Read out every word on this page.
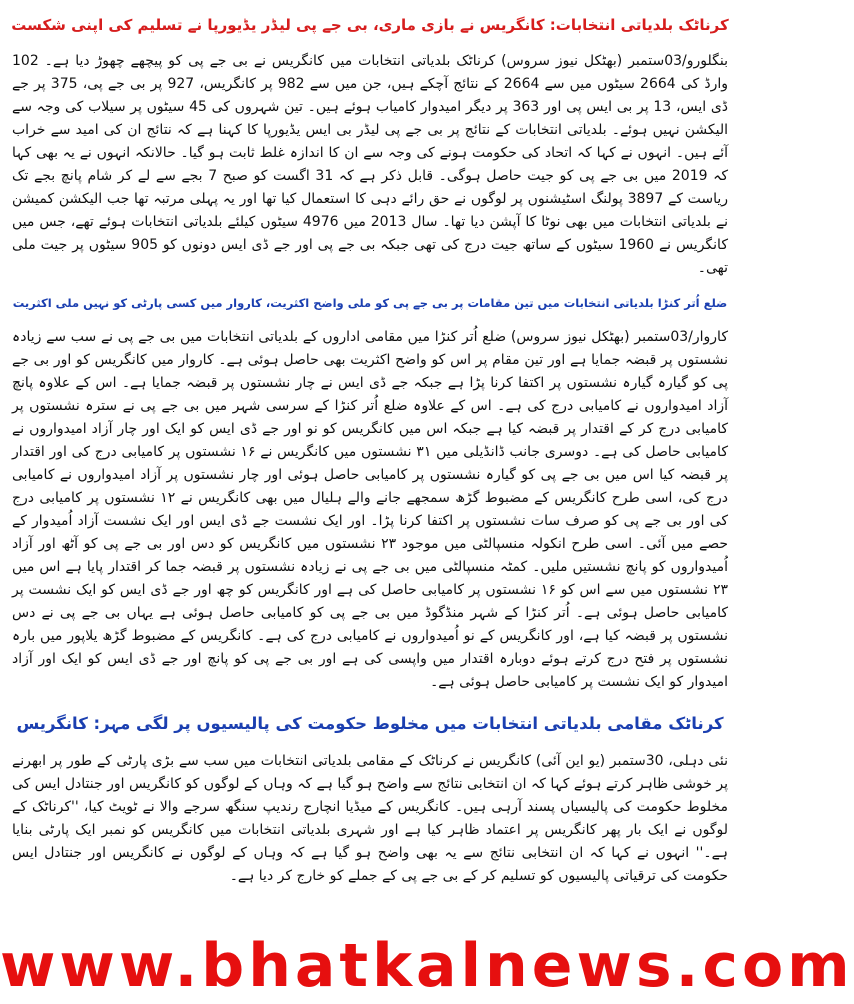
کرناٹک بلدیاتی انتخابات: کانگریس نے بازی ماری، بی جے پی لیڈر یڈیورپا نے تسلیم کی اپنی شکست

بنگلورو/03ستمبر (بھٹکل نیوز سروس) کرناٹک بلدیاتی انتخابات میں کانگریس نے بی جے پی کو پیچھے چھوڑ دیا ہے۔ 102 وارڈ کی 2664 سیٹوں میں سے 2664 کے نتائج آچکے ہیں، جن میں سے 982 پر کانگریس، 927 پر بی جے پی، 375 پر جے ڈی ایس، 13 پر بی ایس پی اور 363 پر دیگر امیدوار کامیاب ہوئے ہیں۔ تین شہروں کی 45 سیٹوں پر سیلاب کی وجہ سے الیکشن نہیں ہوئے۔ بلدیاتی انتخابات کے نتائج پر بی جے پی لیڈر بی ایس یڈیورپا کا کہنا ہے کہ نتائج ان کی امید سے خراب آئے ہیں۔ انہوں نے کہا کہ اتحاد کی حکومت ہونے کی وجہ سے ان کا اندازہ غلط ثابت ہو گیا۔ حالانکہ انہوں نے یہ بھی کہا کہ 2019 میں بی جے پی کو جیت حاصل ہوگی۔ قابل ذکر ہے کہ 31 اگست کو صبح 7 بجے سے لے کر شام پانچ بجے تک ریاست کے 3897 پولنگ اسٹیشنوں پر لوگوں نے حق رائے دہی کا استعمال کیا تھا اور یہ پہلی مرتبہ تھا جب الیکشن کمیشن نے بلدیاتی انتخابات میں بھی نوٹا کا آپشن دیا تھا۔ سال 2013 میں 4976 سیٹوں کیلئے بلدیاتی انتخابات ہوئے تھے، جس میں کانگریس نے 1960 سیٹوں کے ساتھ جیت درج کی تھی جبکہ بی جے پی اور جے ڈی ایس دونوں کو 905 سیٹوں پر جیت ملی تھی۔

ضلع اُتر کنڑا بلدیاتی انتخابات میں تین مقامات پر بی جے پی کو ملی واضح اکثریت، کاروار میں کسی پارٹی کو نہیں ملی اکثریت

کاروار/03ستمبر (بھٹکل نیوز سروس) ضلع اُتر کنڑا میں مقامی اداروں کے بلدیاتی انتخابات میں بی جے پی نے سب سے زیادہ نشستوں پر قبضہ جمایا ہے اور تین مقام پر اس کو واضح اکثریت بھی حاصل ہوئی ہے۔ کاروار میں کانگریس کو اور بی جے پی کو گیارہ گیارہ نشستوں پر اکتفا کرنا پڑا ہے جبکہ جے ڈی ایس نے چار نشستوں پر قبضہ جمایا ہے۔ اس کے علاوہ پانچ آزاد امیدواروں نے کامیابی درج کی ہے۔ اس کے علاوہ ضلع اُتر کنڑا کے سرسی شہر میں بی جے پی نے سترہ نشستوں پر کامیابی درج کر کے اقتدار پر قبضہ کیا ہے جبکہ اس میں کانگریس کو نو اور جے ڈی ایس کو ایک اور چار آزاد امیدواروں نے کامیابی حاصل کی ہے۔ دوسری جانب ڈانڈیلی میں ۳۱ نشستوں میں کانگریس نے ۱۶ نشستوں پر کامیابی درج کی اور اقتدار پر قبضہ کیا اس میں بی جے پی کو گیارہ نشستوں پر کامیابی حاصل ہوئی اور چار نشستوں پر آزاد امیدواروں نے کامیابی درج کی، اسی طرح کانگریس کے مضبوط گڑھ سمجھے جانے والے ہلیال میں بھی کانگریس نے ۱۲ نشستوں پر کامیابی درج کی اور بی جے پی کو صرف سات نشستوں پر اکتفا کرنا پڑا۔ اور ایک نشست جے ڈی ایس اور ایک نشست آزاد اُمیدوار کے حصے میں آئی۔ اسی طرح انکولہ منسپالٹی میں موجود ۲۳ نشستوں میں کانگریس کو دس اور بی جے پی کو آٹھ اور آزاد اُمیدواروں کو پانچ نشستیں ملیں۔ کمٹہ منسپالٹی میں بی جے پی نے زیادہ نشستوں پر قبضہ جما کر اقتدار پایا ہے اس میں ۲۳ نشستوں میں سے اس کو ۱۶ نشستوں پر کامیابی حاصل کی ہے اور کانگریس کو چھ اور جے ڈی ایس کو ایک نشست پر کامیابی حاصل ہوئی ہے۔ اُتر کنڑا کے شہر منڈگوڈ میں بی جے پی کو کامیابی حاصل ہوئی ہے یہاں بی جے پی نے دس نشستوں پر قبضہ کیا ہے، اور کانگریس کے نو اُمیدواروں نے کامیابی درج کی ہے۔ کانگریس کے مضبوط گڑھ یلاپور میں بارہ نشستوں پر فتح درج کرتے ہوئے دوبارہ اقتدار میں واپسی کی ہے اور بی جے پی کو پانچ اور جے ڈی ایس کو ایک اور آزاد امیدوار کو ایک نشست پر کامیابی حاصل ہوئی ہے۔

کرناٹک مقامی بلدیاتی انتخابات میں مخلوط حکومت کی پالیسیوں پر لگی مہر: کانگریس

نئی دہلی، 30ستمبر (یو این آئی) کانگریس نے کرناٹک کے مقامی بلدیاتی انتخابات میں سب سے بڑی پارٹی کے طور پر ابھرنے پر خوشی ظاہر کرتے ہوئے کہا کہ ان انتخابی نتائج سے واضح ہو گیا ہے کہ وہاں کے لوگوں کو کانگریس اور جنتادل ایس کی مخلوط حکومت کی پالیسیاں پسند آرہی ہیں۔ کانگریس کے میڈیا انچارج رندیپ سنگھ سرجے والا نے ٹویٹ کیا، ''کرناٹک کے لوگوں نے ایک بار پھر کانگریس پر اعتماد ظاہر کیا ہے اور شہری بلدیاتی انتخابات میں کانگریس کو نمبر ایک پارٹی بنایا ہے۔'' انہوں نے کہا کہ ان انتخابی نتائج سے یہ بھی واضح ہو گیا ہے کہ وہاں کے لوگوں نے کانگریس اور جنتادل ایس حکومت کی ترقیاتی پالیسیوں کو تسلیم کر کے بی جے پی کے جملے کو خارج کر دیا ہے۔

www.bhatkalnews.com
